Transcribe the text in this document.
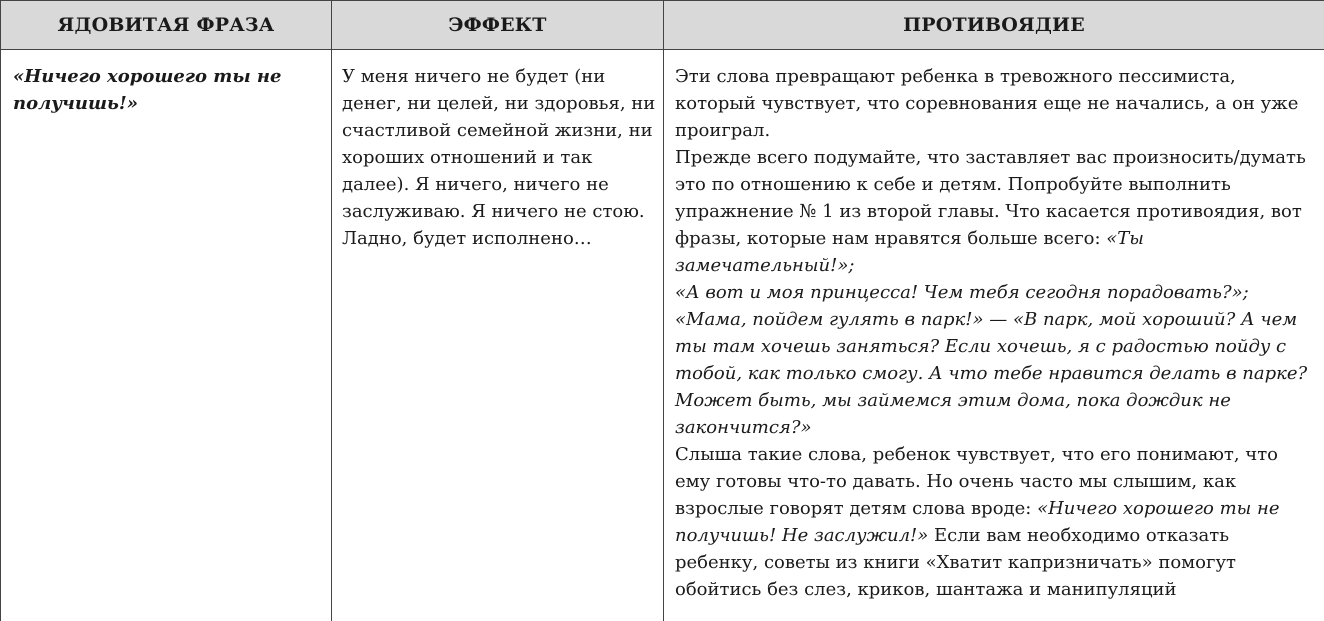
ЯДОВИТАЯ ФРАЗА	ЭФФЕКТ	ПРОТИВОЯДИЕ
«Ничего хорошего ты не получишь!»	У меня ничего не будет (ни денег, ни целей, ни здоровья, ни счастливой семейной жизни, ни хороших отношений и так далее). Я ничего, ничего не заслуживаю. Я ничего не стою. Ладно, будет исполнено…	Эти слова превращают ребенка в тревожного пессимиста, который чувствует, что соревнования еще не начались, а он уже проиграл.

Прежде всего подумайте, что заставляет вас произносить/думать это по отношению к себе и детям. Попробуйте выполнить упражнение № 1 из второй главы. Что касается противоядия, вот фразы, которые нам нравятся больше всего: «Ты замечательный!»;

«А вот и моя принцесса! Чем тебя сегодня порадовать?»;

«Мама, пойдем гулять в парк!» — «В парк, мой хороший? А чем ты там хочешь заняться? Если хочешь, я с радостью пойду с тобой, как только смогу. А что тебе нравится делать в парке? Может быть, мы займемся этим дома, пока дождик не закончится?»

Слыша такие слова, ребенок чувствует, что его понимают, что ему готовы что-то давать. Но очень часто мы слышим, как взрослые говорят детям слова вроде: «Ничего хорошего ты не получишь! Не заслужил!» Если вам необходимо отказать ребенку, советы из книги «Хватит капризничать» помогут обойтись без слез, криков, шантажа и манипуляций
